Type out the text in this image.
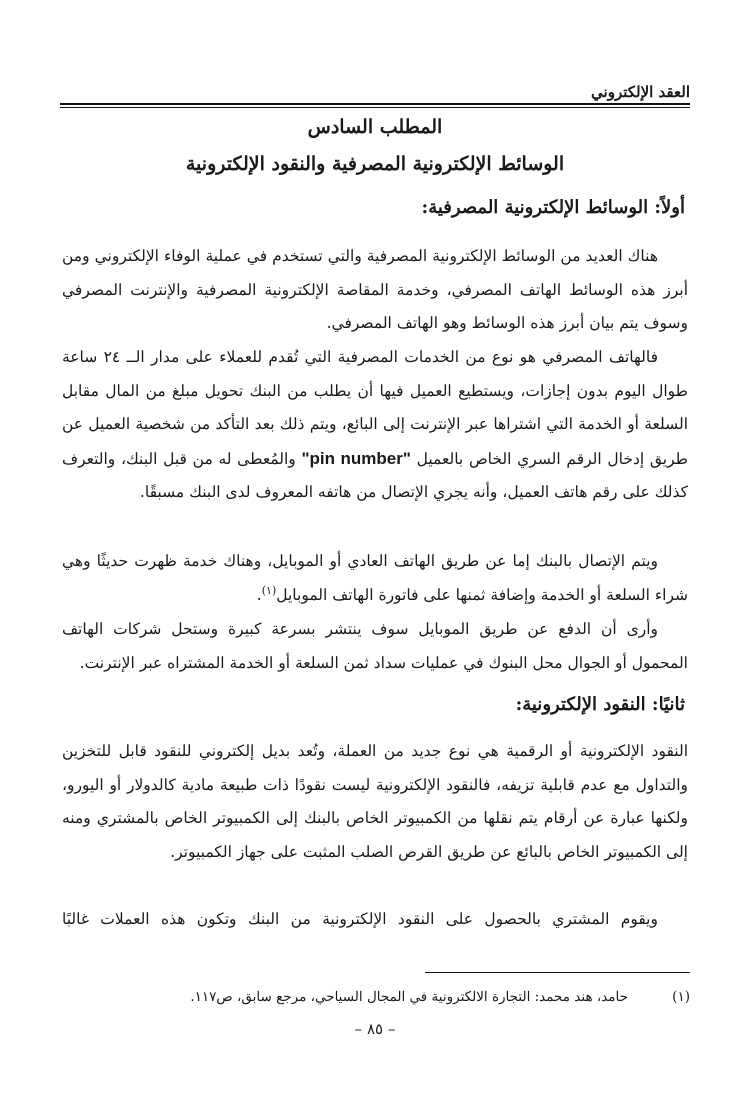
العقد الإلكتروني
المطلب السادس
الوسائط الإلكترونية المصرفية والنقود الإلكترونية
أولاً: الوسائط الإلكترونية المصرفية:

هناك العديد من الوسائط الإلكترونية المصرفية والتي تستخدم في عملية الوفاء الإلكتروني ومن أبرز هذه الوسائط الهاتف المصرفي، وخدمة المقاصة الإلكترونية المصرفية والإنترنت المصرفي وسوف يتم بيان أبرز هذه الوسائط وهو الهاتف المصرفي.

فالهاتف المصرفي هو نوع من الخدمات المصرفية التي تُقدم للعملاء على مدار الــ ٢٤ ساعة طوال اليوم بدون إجازات، ويستطيع العميل فيها أن يطلب من البنك تحويل مبلغ من المال مقابل السلعة أو الخدمة التي اشتراها عبر الإنترنت إلى البائع، ويتم ذلك بعد التأكد من شخصية العميل عن طريق إدخال الرقم السري الخاص بالعميل "pin number" والمُعطى له من قبل البنك، والتعرف كذلك على رقم هاتف العميل، وأنه يجري الإتصال من هاتفه المعروف لدى البنك مسبقًا.

ويتم الإتصال بالبنك إما عن طريق الهاتف العادي أو الموبايل، وهناك خدمة ظهرت حديثًا وهي شراء السلعة أو الخدمة وإضافة ثمنها على فاتورة الهاتف الموبايل$^{(١)}$.

وأرى أن الدفع عن طريق الموبايل سوف ينتشر بسرعة كبيرة وستحل شركات الهاتف المحمول أو الجوال محل البنوك في عمليات سداد ثمن السلعة أو الخدمة المشتراه عبر الإنترنت.

ثانيًا: النقود الإلكترونية:

النقود الإلكترونية أو الرقمية هي نوع جديد من العملة، وتُعد بديل إلكتروني للنقود قابل للتخزين والتداول مع عدم قابلية تزيفه، فالنقود الإلكترونية ليست نقودًا ذات طبيعة مادية كالدولار أو اليورو، ولكنها عبارة عن أرقام يتم نقلها من الكمبيوتر الخاص بالبنك إلى الكمبيوتر الخاص بالمشتري ومنه إلى الكمبيوتر الخاص بالبائع عن طريق القرص الصلب المثبت على جهاز الكمبيوتر.

ويقوم المشتري بالحصول على النقود الإلكترونية من البنك وتكون هذه العملات غالبًا

(١)
حامد، هند محمد: التجارة الالكترونية في المجال السياحي، مرجع سابق، ص١١٧.
– ٨٥ –
